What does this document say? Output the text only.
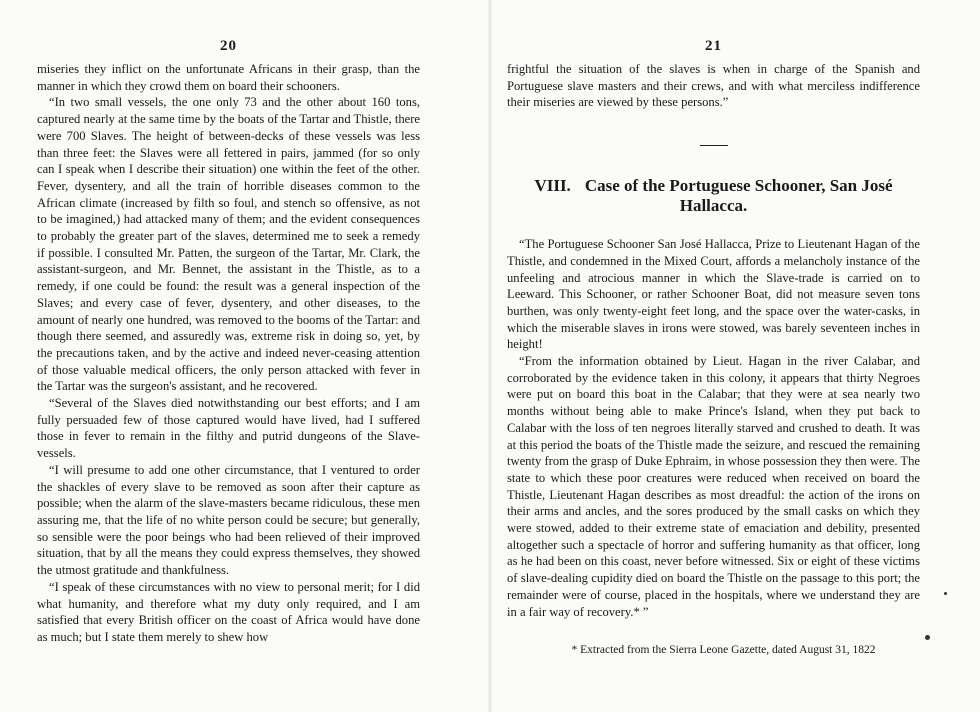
20

miseries they inflict on the unfortunate Africans in their grasp, than the manner in which they crowd them on board their schooners.

“In two small vessels, the one only 73 and the other about 160 tons, captured nearly at the same time by the boats of the Tartar and Thistle, there were 700 Slaves. The height of between-decks of these vessels was less than three feet: the Slaves were all fettered in pairs, jammed (for so only can I speak when I describe their situation) one within the feet of the other. Fever, dysentery, and all the train of horrible diseases common to the African climate (increased by filth so foul, and stench so offensive, as not to be imagined,) had attacked many of them; and the evident consequences to probably the greater part of the slaves, determined me to seek a remedy if possible. I consulted Mr. Patten, the surgeon of the Tartar, Mr. Clark, the assistant-surgeon, and Mr. Bennet, the assistant in the Thistle, as to a remedy, if one could be found: the result was a general inspection of the Slaves; and every case of fever, dysentery, and other diseases, to the amount of nearly one hundred, was removed to the booms of the Tartar: and though there seemed, and assuredly was, extreme risk in doing so, yet, by the precautions taken, and by the active and indeed never-ceasing attention of those valuable medical officers, the only person attacked with fever in the Tartar was the surgeon's assistant, and he recovered.

“Several of the Slaves died notwithstanding our best efforts; and I am fully persuaded few of those captured would have lived, had I suffered those in fever to remain in the filthy and putrid dungeons of the Slave-vessels.

“I will presume to add one other circumstance, that I ventured to order the shackles of every slave to be removed as soon after their capture as possible; when the alarm of the slave-masters became ridiculous, these men assuring me, that the life of no white person could be secure; but generally, so sensible were the poor beings who had been relieved of their improved situation, that by all the means they could express themselves, they showed the utmost gratitude and thankfulness.

“I speak of these circumstances with no view to personal merit; for I did what humanity, and therefore what my duty only required, and I am satisfied that every British officer on the coast of Africa would have done as much; but I state them merely to shew how

21

frightful the situation of the slaves is when in charge of the Spanish and Portuguese slave masters and their crews, and with what merciless indifference their miseries are viewed by these persons.”

VIII. Case of the Portuguese Schooner, San José Hallacca.

“The Portuguese Schooner San José Hallacca, Prize to Lieutenant Hagan of the Thistle, and condemned in the Mixed Court, affords a melancholy instance of the unfeeling and atrocious manner in which the Slave-trade is carried on to Leeward. This Schooner, or rather Schooner Boat, did not measure seven tons burthen, was only twenty-eight feet long, and the space over the water-casks, in which the miserable slaves in irons were stowed, was barely seventeen inches in height!

“From the information obtained by Lieut. Hagan in the river Calabar, and corroborated by the evidence taken in this colony, it appears that thirty Negroes were put on board this boat in the Calabar; that they were at sea nearly two months without being able to make Prince's Island, when they put back to Calabar with the loss of ten negroes literally starved and crushed to death. It was at this period the boats of the Thistle made the seizure, and rescued the remaining twenty from the grasp of Duke Ephraim, in whose possession they then were. The state to which these poor creatures were reduced when received on board the Thistle, Lieutenant Hagan describes as most dreadful: the action of the irons on their arms and ancles, and the sores produced by the small casks on which they were stowed, added to their extreme state of emaciation and debility, presented altogether such a spectacle of horror and suffering humanity as that officer, long as he had been on this coast, never before witnessed. Six or eight of these victims of slave-dealing cupidity died on board the Thistle on the passage to this port; the remainder were of course, placed in the hospitals, where we understand they are in a fair way of recovery.* ”

* Extracted from the Sierra Leone Gazette, dated August 31, 1822
